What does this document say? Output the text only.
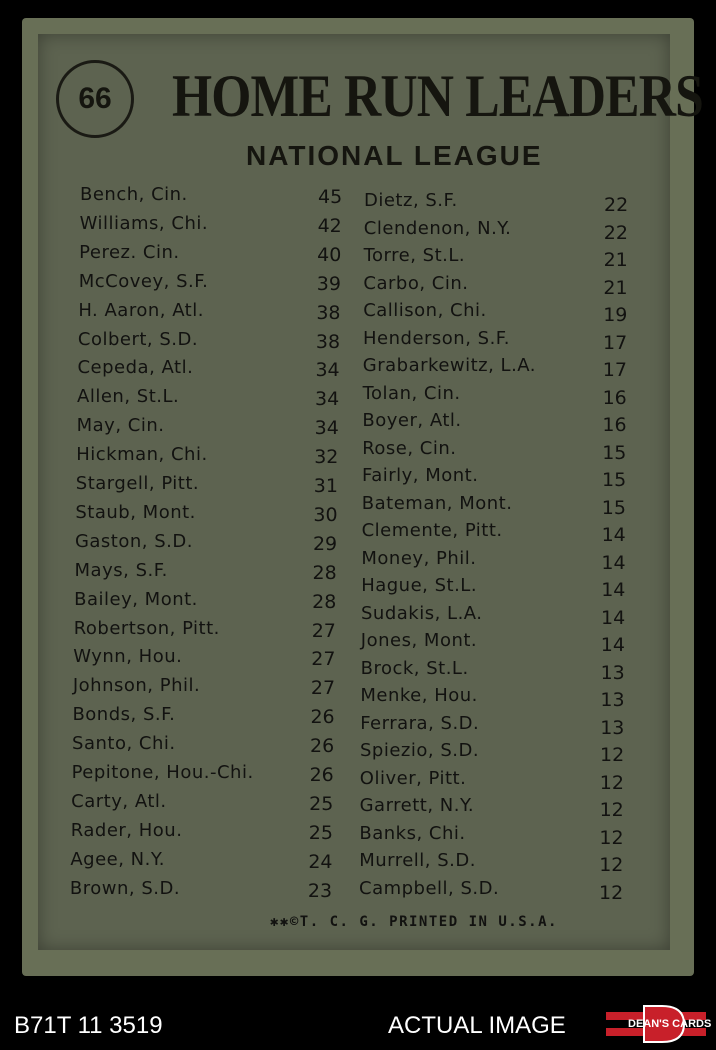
66 HOME RUN LEADERS
NATIONAL LEAGUE
Bench, Cin.	45
Williams, Chi.	42
Perez. Cin.	40
McCovey, S.F.	39
H. Aaron, Atl.	38
Colbert, S.D.	38
Cepeda, Atl.	34
Allen, St.L.	34
May, Cin.	34
Hickman, Chi.	32
Stargell, Pitt.	31
Staub, Mont.	30
Gaston, S.D.	29
Mays, S.F.	28
Bailey, Mont.	28
Robertson, Pitt.	27
Wynn, Hou.	27
Johnson, Phil.	27
Bonds, S.F.	26
Santo, Chi.	26
Pepitone, Hou.-Chi.	26
Carty, Atl.	25
Rader, Hou.	25
Agee, N.Y.	24
Brown, S.D.	23
Dietz, S.F.	22
Clendenon, N.Y.	22
Torre, St.L.	21
Carbo, Cin.	21
Callison, Chi.	19
Henderson, S.F.	17
Grabarkewitz, L.A.	17
Tolan, Cin.	16
Boyer, Atl.	16
Rose, Cin.	15
Fairly, Mont.	15
Bateman, Mont.	15
Clemente, Pitt.	14
Money, Phil.	14
Hague, St.L.	14
Sudakis, L.A.	14
Jones, Mont.	14
Brock, St.L.	13
Menke, Hou.	13
Ferrara, S.D.	13
Spiezio, S.D.	12
Oliver, Pitt.	12
Garrett, N.Y.	12
Banks, Chi.	12
Murrell, S.D.	12
Campbell, S.D.	12
✱✱©T. C. G. PRINTED IN U.S.A.
B71T 11 3519	ACTUAL IMAGE	DEAN'S CARDS
